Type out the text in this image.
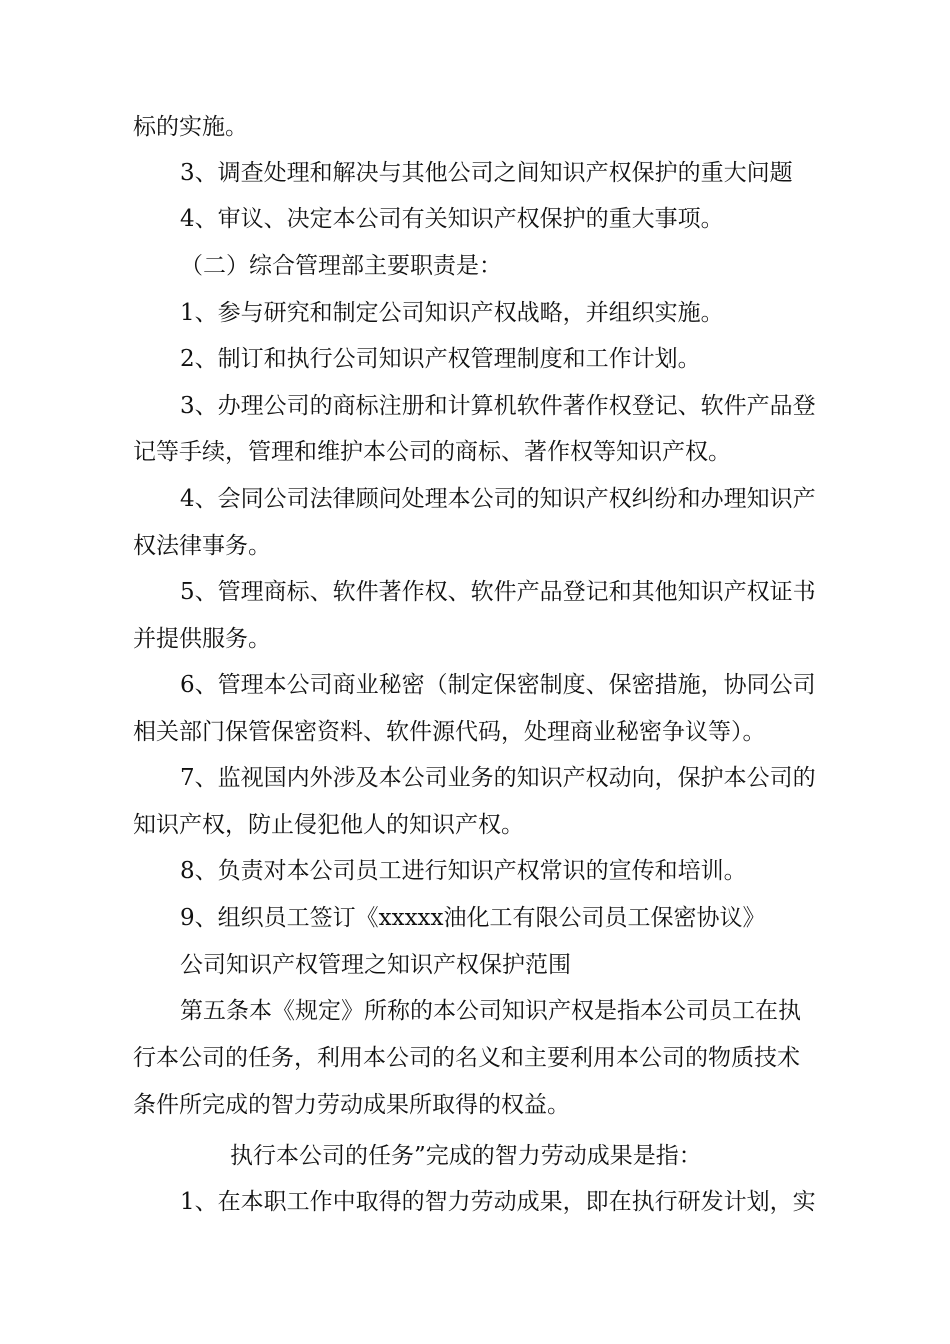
标的实施。
3、调查处理和解决与其他公司之间知识产权保护的重大问题
4、审议、决定本公司有关知识产权保护的重大事项。
（二）综合管理部主要职责是：
1、参与研究和制定公司知识产权战略，并组织实施。
2、制订和执行公司知识产权管理制度和工作计划。
3、办理公司的商标注册和计算机软件著作权登记、软件产品登
记等手续，管理和维护本公司的商标、著作权等知识产权。
4、会同公司法律顾问处理本公司的知识产权纠纷和办理知识产
权法律事务。
5、管理商标、软件著作权、软件产品登记和其他知识产权证书
并提供服务。
6、管理本公司商业秘密（制定保密制度、保密措施，协同公司
相关部门保管保密资料、软件源代码，处理商业秘密争议等）。
7、监视国内外涉及本公司业务的知识产权动向，保护本公司的
知识产权，防止侵犯他人的知识产权。
8、负责对本公司员工进行知识产权常识的宣传和培训。
9、组织员工签订《xxxxx油化工有限公司员工保密协议》
公司知识产权管理之知识产权保护范围
第五条本《规定》所称的本公司知识产权是指本公司员工在执
行本公司的任务，利用本公司的名义和主要利用本公司的物质技术
条件所完成的智力劳动成果所取得的权益。
执行本公司的任务”完成的智力劳动成果是指：
1、在本职工作中取得的智力劳动成果，即在执行研发计划，实
